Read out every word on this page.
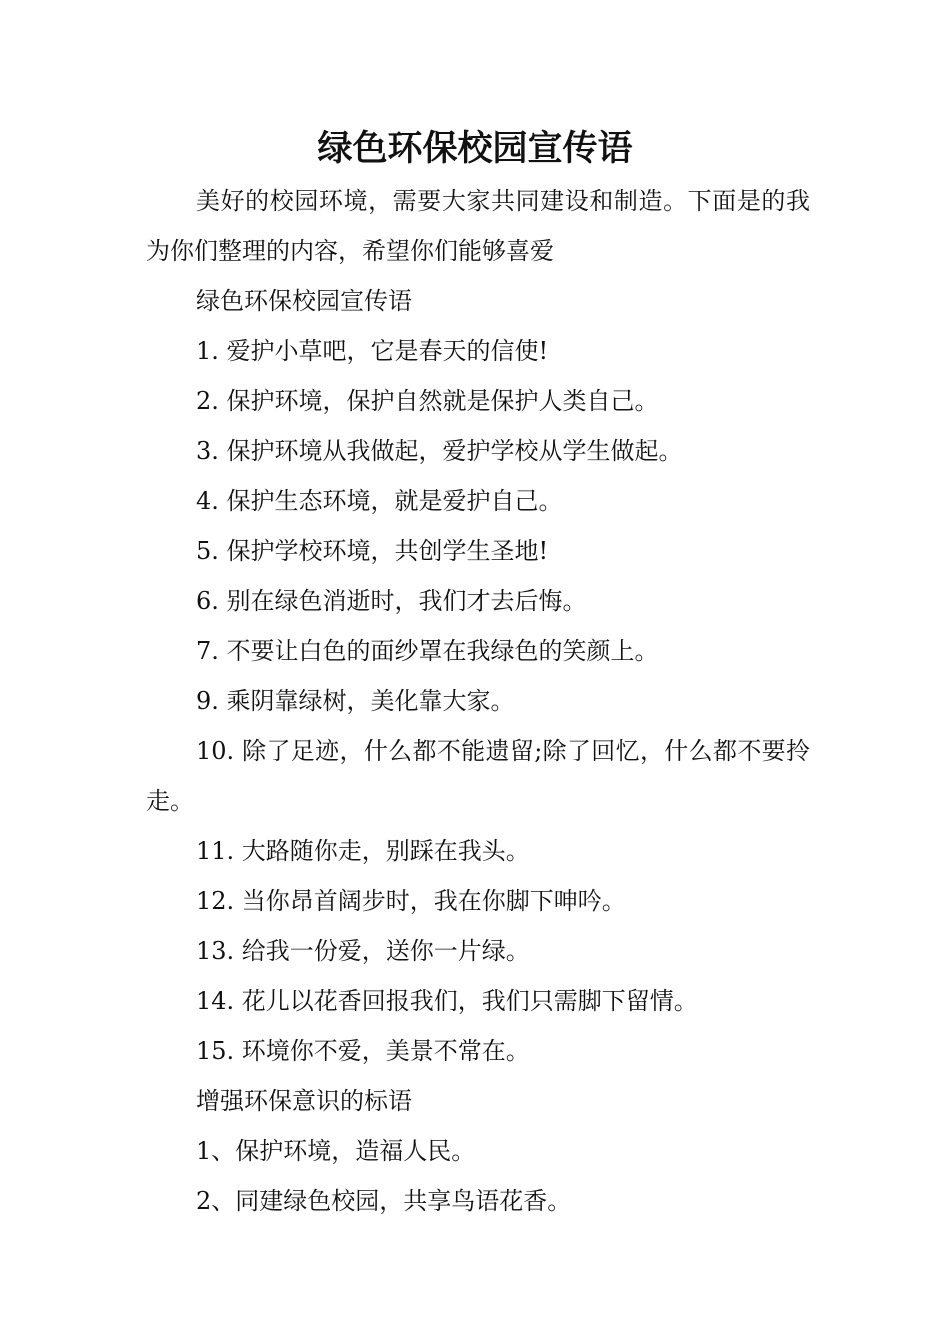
绿色环保校园宣传语

美好的校园环境，需要大家共同建设和制造。下面是的我为你们整理的内容，希望你们能够喜爱

绿色环保校园宣传语

1. 爱护小草吧，它是春天的信使!

2. 保护环境，保护自然就是保护人类自己。

3. 保护环境从我做起，爱护学校从学生做起。

4. 保护生态环境，就是爱护自己。

5. 保护学校环境，共创学生圣地!

6. 别在绿色消逝时，我们才去后悔。

7. 不要让白色的面纱罩在我绿色的笑颜上。

9. 乘阴靠绿树，美化靠大家。

10. 除了足迹，什么都不能遗留;除了回忆，什么都不要拎走。

11. 大路随你走，别踩在我头。

12. 当你昂首阔步时，我在你脚下呻吟。

13. 给我一份爱，送你一片绿。

14. 花儿以花香回报我们，我们只需脚下留情。

15. 环境你不爱，美景不常在。

增强环保意识的标语

1、保护环境，造福人民。

2、同建绿色校园，共享鸟语花香。
